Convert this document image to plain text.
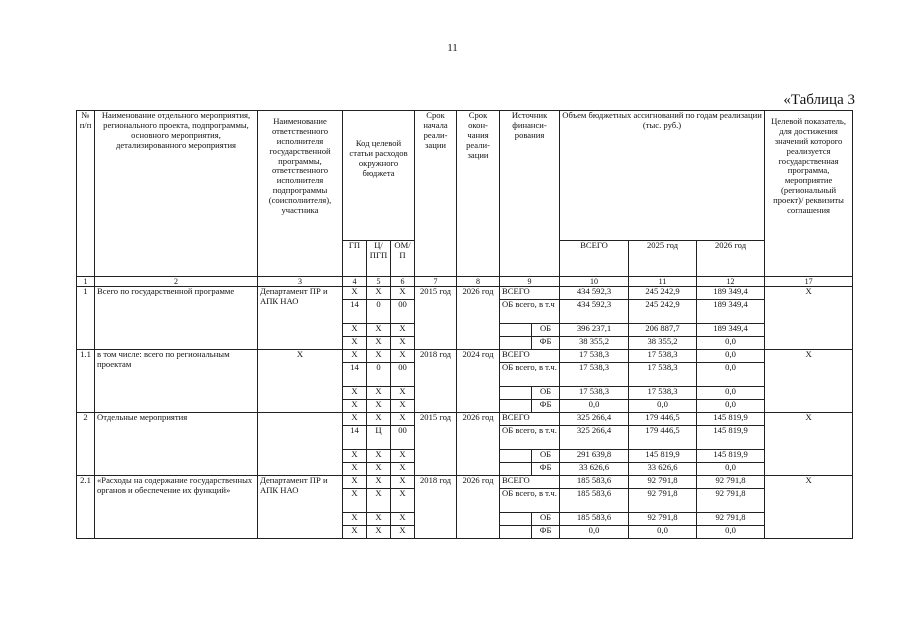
11
«Таблица 3
№ п/п	Наименование отдельного мероприятия, регионального проекта, подпрограммы, основного мероприятия, детализированного мероприятия	Наименование ответственного исполнителя государственной программы, ответственного исполнителя подпрограммы (соисполнителя), участника	Код целевой статьи расходов окружного бюджета			Срок начала реали- зации	Срок окон- чания реали- зации	Источник финанси- рования		Объем бюджетных ассигнований по годам реализации (тыс. руб.)			Целевой показатель, для достижения значений которого реализуется государственная программа, мероприятие (региональный проект)/ реквизиты соглашения
			ГП	Ц/ ПГП	ОМ/ П					ВСЕГО	2025 год	2026 год	
1	2	3	4	5	6	7	8	9		10	11	12	17
1	Всего по государственной программе	Департамент ПР и АПК НАО	Х	Х	Х	2015 год	2026 год	ВСЕГО		434 592,3	245 242,9	189 349,4	Х
			14	0	00			ОБ всего, в т.ч		434 592,3	245 242,9	189 349,4	
			Х	Х	Х				ОБ	396 237,1	206 887,7	189 349,4	
			Х	Х	Х				ФБ	38 355,2	38 355,2	0,0	
1.1	в том числе: всего по региональным проектам	Х	Х	Х	Х	2018 год	2024 год	ВСЕГО		17 538,3	17 538,3	0,0	Х
			14	0	00			ОБ всего, в т.ч.		17 538,3	17 538,3	0,0	
			Х	Х	Х				ОБ	17 538,3	17 538,3	0,0	
			Х	Х	Х				ФБ	0,0	0,0	0,0	
2	Отдельные мероприятия		Х	Х	Х	2015 год	2026 год	ВСЕГО		325 266,4	179 446,5	145 819,9	Х
			14	Ц	00			ОБ всего, в т.ч.		325 266,4	179 446,5	145 819,9	
			Х	Х	Х				ОБ	291 639,8	145 819,9	145 819,9	
			Х	Х	Х				ФБ	33 626,6	33 626,6	0,0	
2.1	«Расходы на содержание государственных органов и обеспечение их функций»	Департамент ПР и АПК НАО	Х	Х	Х	2018 год	2026 год	ВСЕГО		185 583,6	92 791,8	92 791,8	Х
			Х	Х	Х			ОБ всего, в т.ч.		185 583,6	92 791,8	92 791,8	
			Х	Х	Х				ОБ	185 583,6	92 791,8	92 791,8	
			Х	Х	Х				ФБ	0,0	0,0	0,0	
